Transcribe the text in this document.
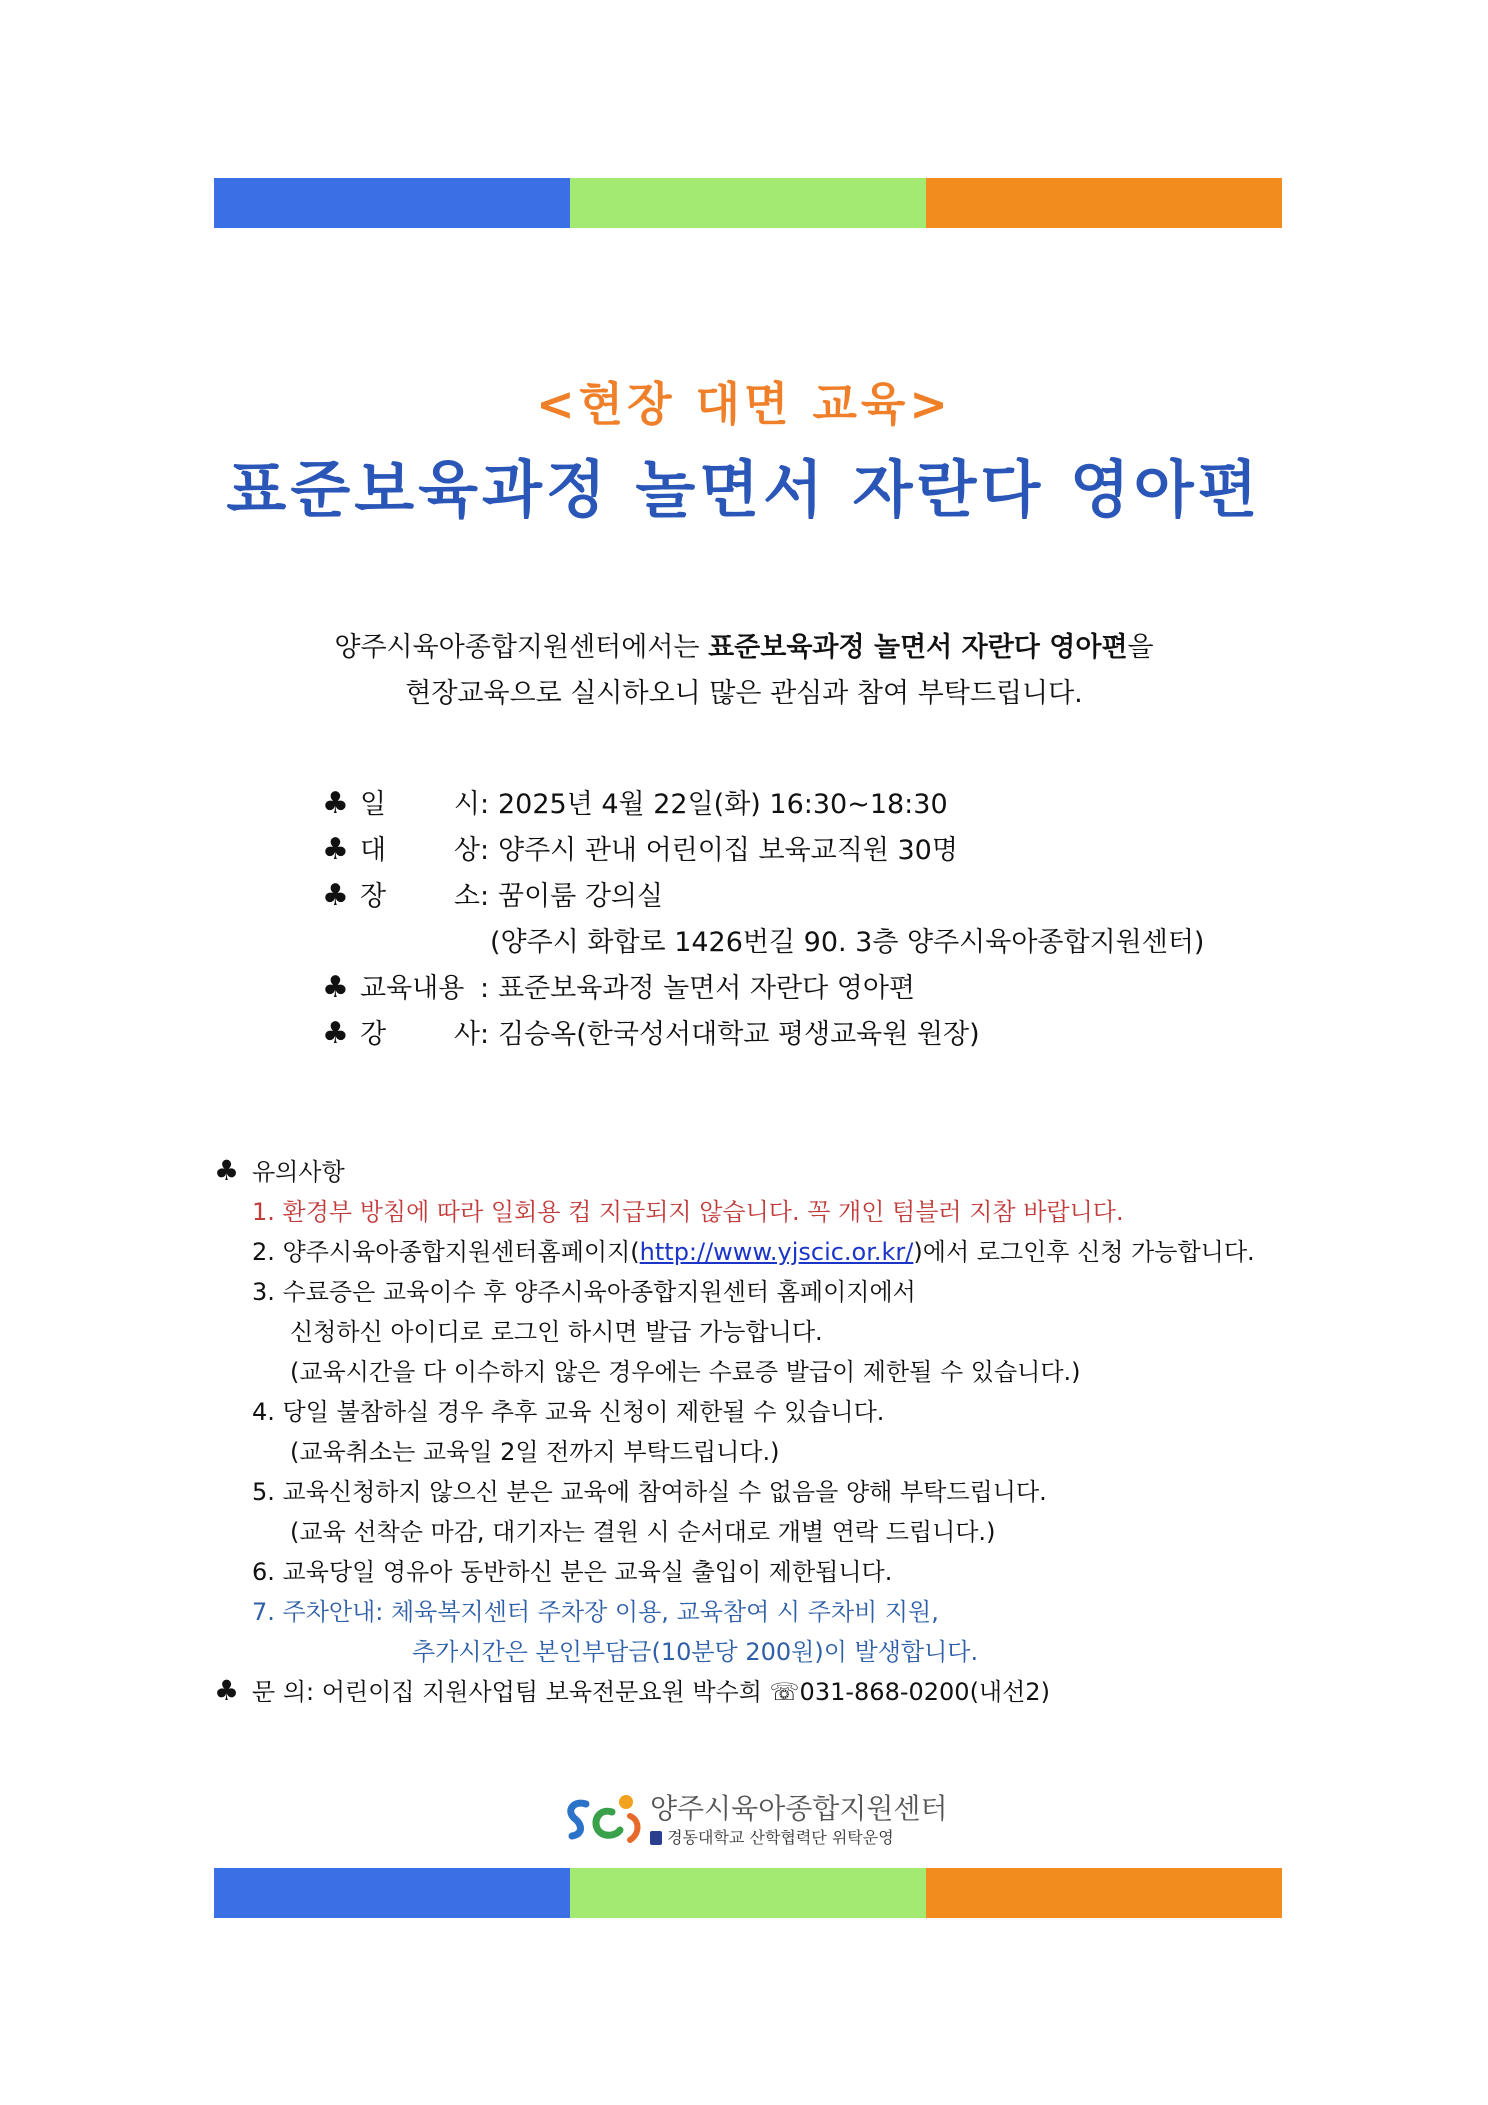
<현장 대면 교육>
표준보육과정 놀면서 자란다 영아편
양주시육아종합지원센터에서는 표준보육과정 놀면서 자란다 영아편을
현장교육으로 실시하오니 많은 관심과 참여 부탁드립니다.
♣ 일	시 : 2025년 4월 22일(화) 16:30~18:30
♣ 대	상 : 양주시 관내 어린이집 보육교직원 30명
♣ 장	소 : 꿈이룸 강의실
(양주시 화합로 1426번길 90. 3층 양주시육아종합지원센터)
♣ 교육내용 : 표준보육과정 놀면서 자란다 영아편
♣ 강	사 : 김승옥(한국성서대학교 평생교육원 원장)
♣ 유의사항
1. 환경부 방침에 따라 일회용 컵 지급되지 않습니다. 꼭 개인 텀블러 지참 바랍니다.
2. 양주시육아종합지원센터홈페이지(http://www.yjscic.or.kr/)에서 로그인후 신청 가능합니다.
3. 수료증은 교육이수 후 양주시육아종합지원센터 홈페이지에서
신청하신 아이디로 로그인 하시면 발급 가능합니다.
(교육시간을 다 이수하지 않은 경우에는 수료증 발급이 제한될 수 있습니다.)
4. 당일 불참하실 경우 추후 교육 신청이 제한될 수 있습니다.
(교육취소는 교육일 2일 전까지 부탁드립니다.)
5. 교육신청하지 않으신 분은 교육에 참여하실 수 없음을 양해 부탁드립니다.
(교육 선착순 마감, 대기자는 결원 시 순서대로 개별 연락 드립니다.)
6. 교육당일 영유아 동반하신 분은 교육실 출입이 제한됩니다.
7. 주차안내: 체육복지센터 주차장 이용, 교육참여 시 주차비 지원,
추가시간은 본인부담금(10분당 200원)이 발생합니다.
♣ 문 의 : 어린이집 지원사업팀 보육전문요원 박수희 ☏031-868-0200(내선2)
양주시육아종합지원센터
경동대학교 산학협력단 위탁운영
